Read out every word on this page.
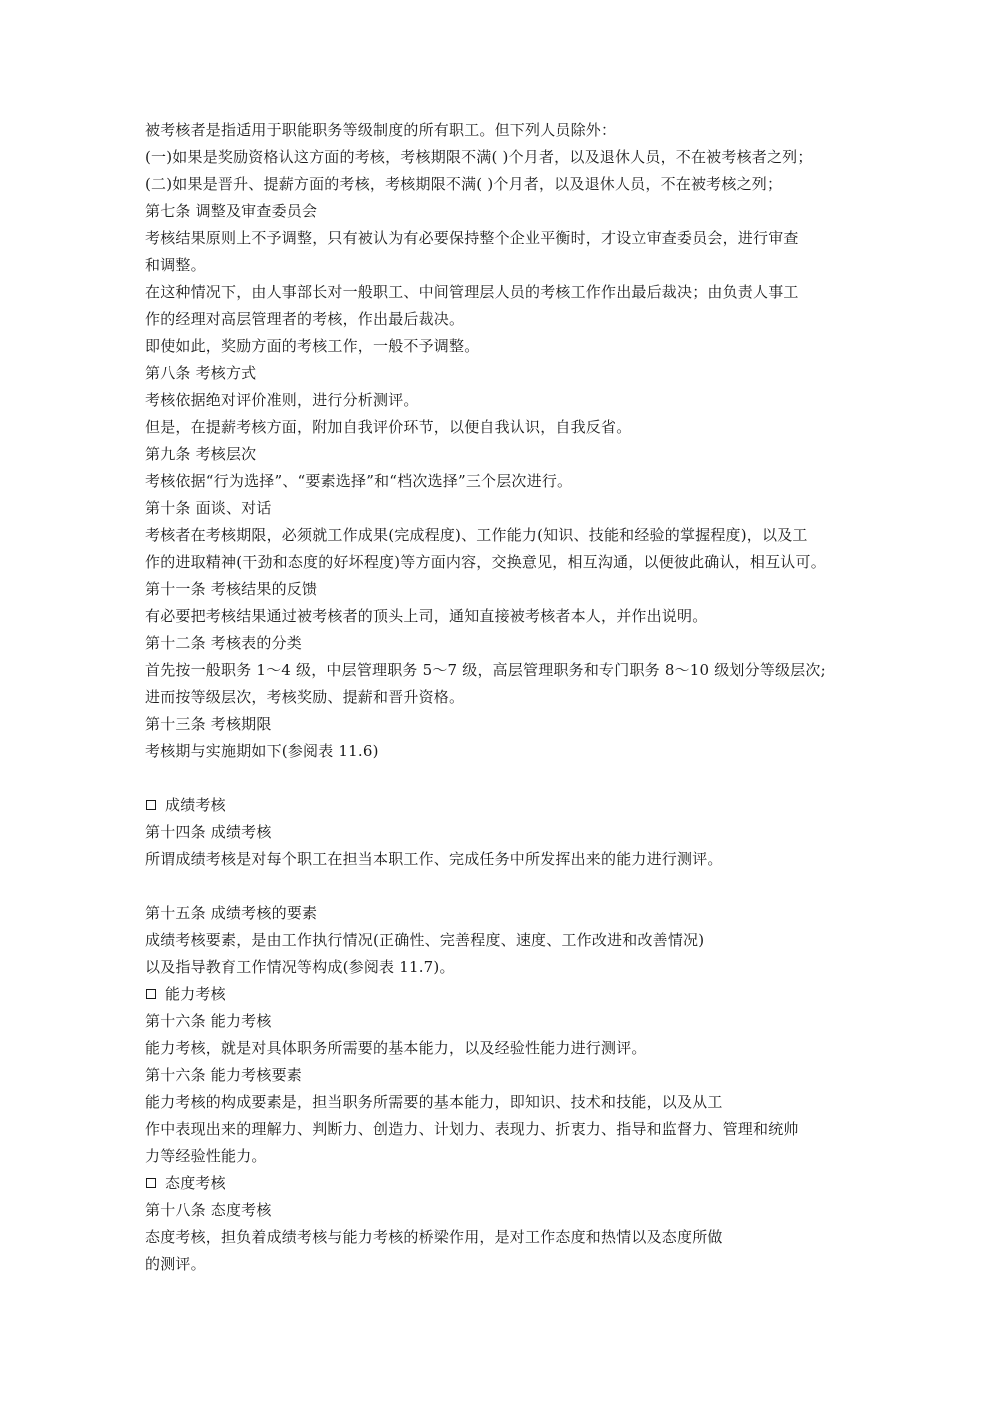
被考核者是指适用于职能职务等级制度的所有职工。但下列人员除外：
(一)如果是奖励资格认这方面的考核，考核期限不满( )个月者，以及退休人员，不在被考核者之列；
(二)如果是晋升、提薪方面的考核，考核期限不满( )个月者，以及退休人员，不在被考核之列；
第七条 调整及审查委员会
考核结果原则上不予调整，只有被认为有必要保持整个企业平衡时，才设立审查委员会，进行审查
和调整。
在这种情况下，由人事部长对一般职工、中间管理层人员的考核工作作出最后裁决；由负责人事工
作的经理对高层管理者的考核，作出最后裁决。
即使如此，奖励方面的考核工作，一般不予调整。
第八条 考核方式
考核依据绝对评价准则，进行分析测评。
但是，在提薪考核方面，附加自我评价环节，以便自我认识，自我反省。
第九条 考核层次
考核依据“行为选择”、“要素选择”和“档次选择”三个层次进行。
第十条 面谈、对话
考核者在考核期限，必须就工作成果(完成程度)、工作能力(知识、技能和经验的掌握程度)，以及工
作的进取精神(干劲和态度的好坏程度)等方面内容，交换意见，相互沟通，以便彼此确认，相互认可。
第十一条 考核结果的反馈
有必要把考核结果通过被考核者的顶头上司，通知直接被考核者本人，并作出说明。
第十二条 考核表的分类
首先按一般职务 1～4 级，中层管理职务 5～7 级，高层管理职务和专门职务 8～10 级划分等级层次;
进而按等级层次，考核奖励、提薪和晋升资格。
第十三条 考核期限
考核期与实施期如下(参阅表 11.6)
成绩考核
第十四条 成绩考核
所谓成绩考核是对每个职工在担当本职工作、完成任务中所发挥出来的能力进行测评。
第十五条 成绩考核的要素
成绩考核要素，是由工作执行情况(正确性、完善程度、速度、工作改进和改善情况)
以及指导教育工作情况等构成(参阅表 11.7)。
能力考核
第十六条 能力考核
能力考核，就是对具体职务所需要的基本能力，以及经验性能力进行测评。
第十六条 能力考核要素
能力考核的构成要素是，担当职务所需要的基本能力，即知识、技术和技能，以及从工
作中表现出来的理解力、判断力、创造力、计划力、表现力、折衷力、指导和监督力、管理和统帅
力等经验性能力。
态度考核
第十八条 态度考核
态度考核，担负着成绩考核与能力考核的桥梁作用，是对工作态度和热情以及态度所做
的测评。
